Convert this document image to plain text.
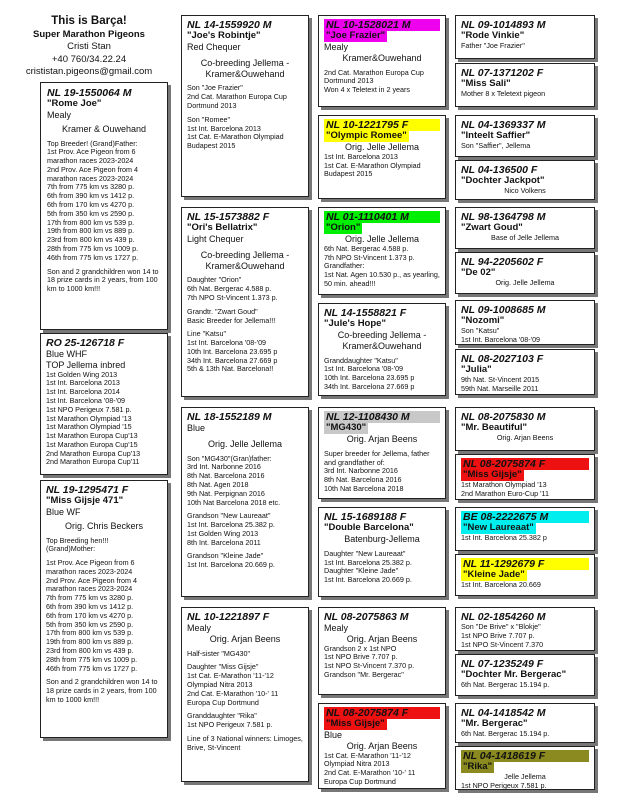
This is Barça!
Super Marathon Pigeons
Cristi Stan
+40 760/34.22.24
crististan.pigeons@gmail.com
NL 19-1550064 M
"Rome Joe"
Mealy
Kramer & Ouwehand
Top Breeder! (Grand)Father:
1st Prov. Ace Pigeon from 6 marathon races 2023-2024
2nd Prov. Ace Pigeon from 4 marathon races 2023-2024
7th from 775 km vs 3280 p.
6th from 390 km vs 1412 p.
6th from 170 km vs 4270 p.
5th from 350 km vs 2590 p.
17th from 800 km vs 539 p.
19th from 800 km vs 889 p.
23rd from 800 km vs 439 p.
28th from 775 km vs 1009 p.
46th from 775 km vs 1727 p.
Son and 2 grandchildren won 14 to 18 prize cards in 2 years, from 100 km to 1000 km!!!
RO 25-126718 F
Blue WHF
TOP Jellema inbred
1st Golden Wing 2013
1st Int. Barcelona 2013
1st Int. Barcelona 2014
1st Int. Barcelona '08-'09
1st NPO Perigeux 7.581 p.
1st Marathon Olympiad '13
1st Marathon Olympiad '15
1st Marathon Europa Cup'13
1st Marathon Europa Cup'15
2nd Marathon Europa Cup'13
2nd Marathon Europa Cup'11
NL 19-1295471 F
"Miss Gijsje 471"
Blue WF
Orig. Chris Beckers
Top Breeding hen!!!
(Grand)Mother:
1st Prov. Ace Pigeon from 6 marathon races 2023-2024
2nd Prov. Ace Pigeon from 4 marathon races 2023-2024
7th from 775 km vs 3280 p.
6th from 390 km vs 1412 p.
6th from 170 km vs 4270 p.
5th from 350 km vs 2590 p.
17th from 800 km vs 539 p.
19th from 800 km vs 889 p.
23rd from 800 km vs 439 p.
28th from 775 km vs 1009 p.
46th from 775 km vs 1727 p.
Son and 2 grandchildren won 14 to 18 prize cards in 2 years, from 100 km to 1000 km!!!
NL 14-1559920 M
"Joe's Robintje"
Red Chequer
Co-breeding Jellema - Kramer&Ouwehand
Son "Joe Frazier"
2nd Cat. Marathon Europa Cup Dortmund 2013
Son "Romee"
1st Int. Barcelona 2013
1st Cat. E-Marathon Olympiad Budapest 2015
NL 15-1573882 F
"Ori's Bellatrix"
Light Chequer
Co-breeding Jellema - Kramer&Ouwehand
Daughter "Orion"
6th Nat. Bergerac 4.588 p.
7th NPO St-Vincent 1.373 p.
Grandtr. "Zwart Goud"
Basic Breeder for Jellema!!!
Line "Katsu"
1st Int. Barcelona '08-'09
10th Int. Barcelona 23.695 p
34th Int. Barcelona 27.669 p
5th & 13th Nat. Barcelona!!
NL 18-1552189 M
Blue
Orig. Jelle Jellema
Son "MG430"(Gran)father:
3rd Int. Narbonne 2016
8th Nat. Barcelona 2016
8th Nat. Agen 2018
9th Nat. Perpignan 2016
10th Nat Barcelona 2018 etc.
Grandson "New Laureaat"
1st Int. Barcelona 25.382 p.
1st Golden Wing 2013
8th Int. Barcelona 2011
Grandson "Kleine Jade"
1st Int. Barcelona 20.669 p.
NL 10-1221897 F
Mealy
Orig. Arjan Beens
Half-sister "MG430"
Daughter "Miss Gijsje"
1st Cat. E-Marathon '11-'12 Olympiad Nitra 2013
2nd Cat. E-Marathon '10-' 11 Europa Cup Dortmund
Granddaughter "Rika"
1st NPO Perigeux 7.581 p.
Line of 3 National winners: Limoges, Brive, St-Vincent
NL 10-1528021 M
"Joe Frazier"
Mealy
Kramer&Ouwehand
2nd Cat. Marathon Europa Cup Dortmund 2013
Won 4 x Teletext in 2 years
NL 10-1221795 F
"Olympic Romee"
Orig. Jelle Jellema
1st Int. Barcelona 2013
1st Cat. E-Marathon Olympiad Budapest 2015
NL 01-1110401 M
"Orion"
Orig. Jelle Jellema
6th Nat. Bergerac 4.588 p.
7th NPO St-Vincent 1.373 p.
Grandfather:
1st Nat. Agen 10.530 p., as yearling, 50 min. ahead!!!
NL 14-1558821 F
"Jule's Hope"
Co-breeding Jellema - Kramer&Ouwehand
Granddaughter "Katsu"
1st Int. Barcelona '08-'09
10th Int. Barcelona 23.695 p
34th Int. Barcelona 27.669 p
NL 12-1108430 M
"MG430"
Orig. Arjan Beens
Super breeder for Jellema, father and grandfather of:
3rd Int. Narbonne 2016
8th Nat. Barcelona 2016
10th Nat Barcelona 2018
NL 15-1689188 F
"Double Barcelona"
Batenburg-Jellema
Daughter "New Laureaat"
1st Int. Barcelona 25.382 p.
Daughter "Kleine Jade"
1st Int. Barcelona 20.669 p.
NL 08-2075863 M
Mealy
Orig. Arjan Beens
Grandson 2 x 1st NPO
1st NPO Brive 7.707 p.
1st NPO St-Vincent 7.370 p.
Grandson "Mr. Bergerac"
NL 08-2075874 F
"Miss Gijsje"
Blue
Orig. Arjan Beens
1st Cat. E-Marathon '11-'12 Olympiad Nitra 2013
2nd Cat. E-Marathon '10-' 11 Europa Cup Dortmund
NL 09-1014893 M
"Rode Vinkie"
Father "Joe Frazier"
NL 07-1371202 F
"Miss Sali"
Mother 8 x Teletext pigeon
NL 04-1369337 M
"Inteelt Saffier"
Son "Saffier", Jellema
NL 04-136500 F
"Dochter Jackpot"
Nico Volkens
NL 98-1364798 M
"Zwart Goud"
Base of Jelle Jellema
NL 94-2205602 F
"De 02"
Orig. Jelle Jellema
NL 09-1008685 M
"Nozomi"
Son "Katsu"
1st Int. Barcelona '08-'09
NL 08-2027103 F
"Julia"
9th Nat. St-Vincent 2015
59th Nat. Marseille 2011
NL 08-2075830 M
"Mr. Beautiful"
Orig. Arjan Beens
NL 08-2075874 F
"Miss Gijsje"
1st Marathon Olympiad '13
2nd Marathon Euro-Cup '11
BE 08-2222675 M
"New Laureaat"
1st Int. Barcelona 25.382 p
NL 11-1292679 F
"Kleine Jade"
1st Int. Barcelona 20.669
NL 02-1854260 M
Son "De Brive" x "Blokje"
1st NPO Brive 7.707 p.
1st NPO St-Vincent 7.370
NL 07-1235249 F
"Dochter Mr. Bergerac"
6th Nat. Bergerac 15.194 p.
NL 04-1418542 M
"Mr. Bergerac"
6th Nat. Bergerac 15.194 p.
NL 04-1418619 F
"Rika"
Jelle Jellema
1st NPO Perigeux 7.581 p.
